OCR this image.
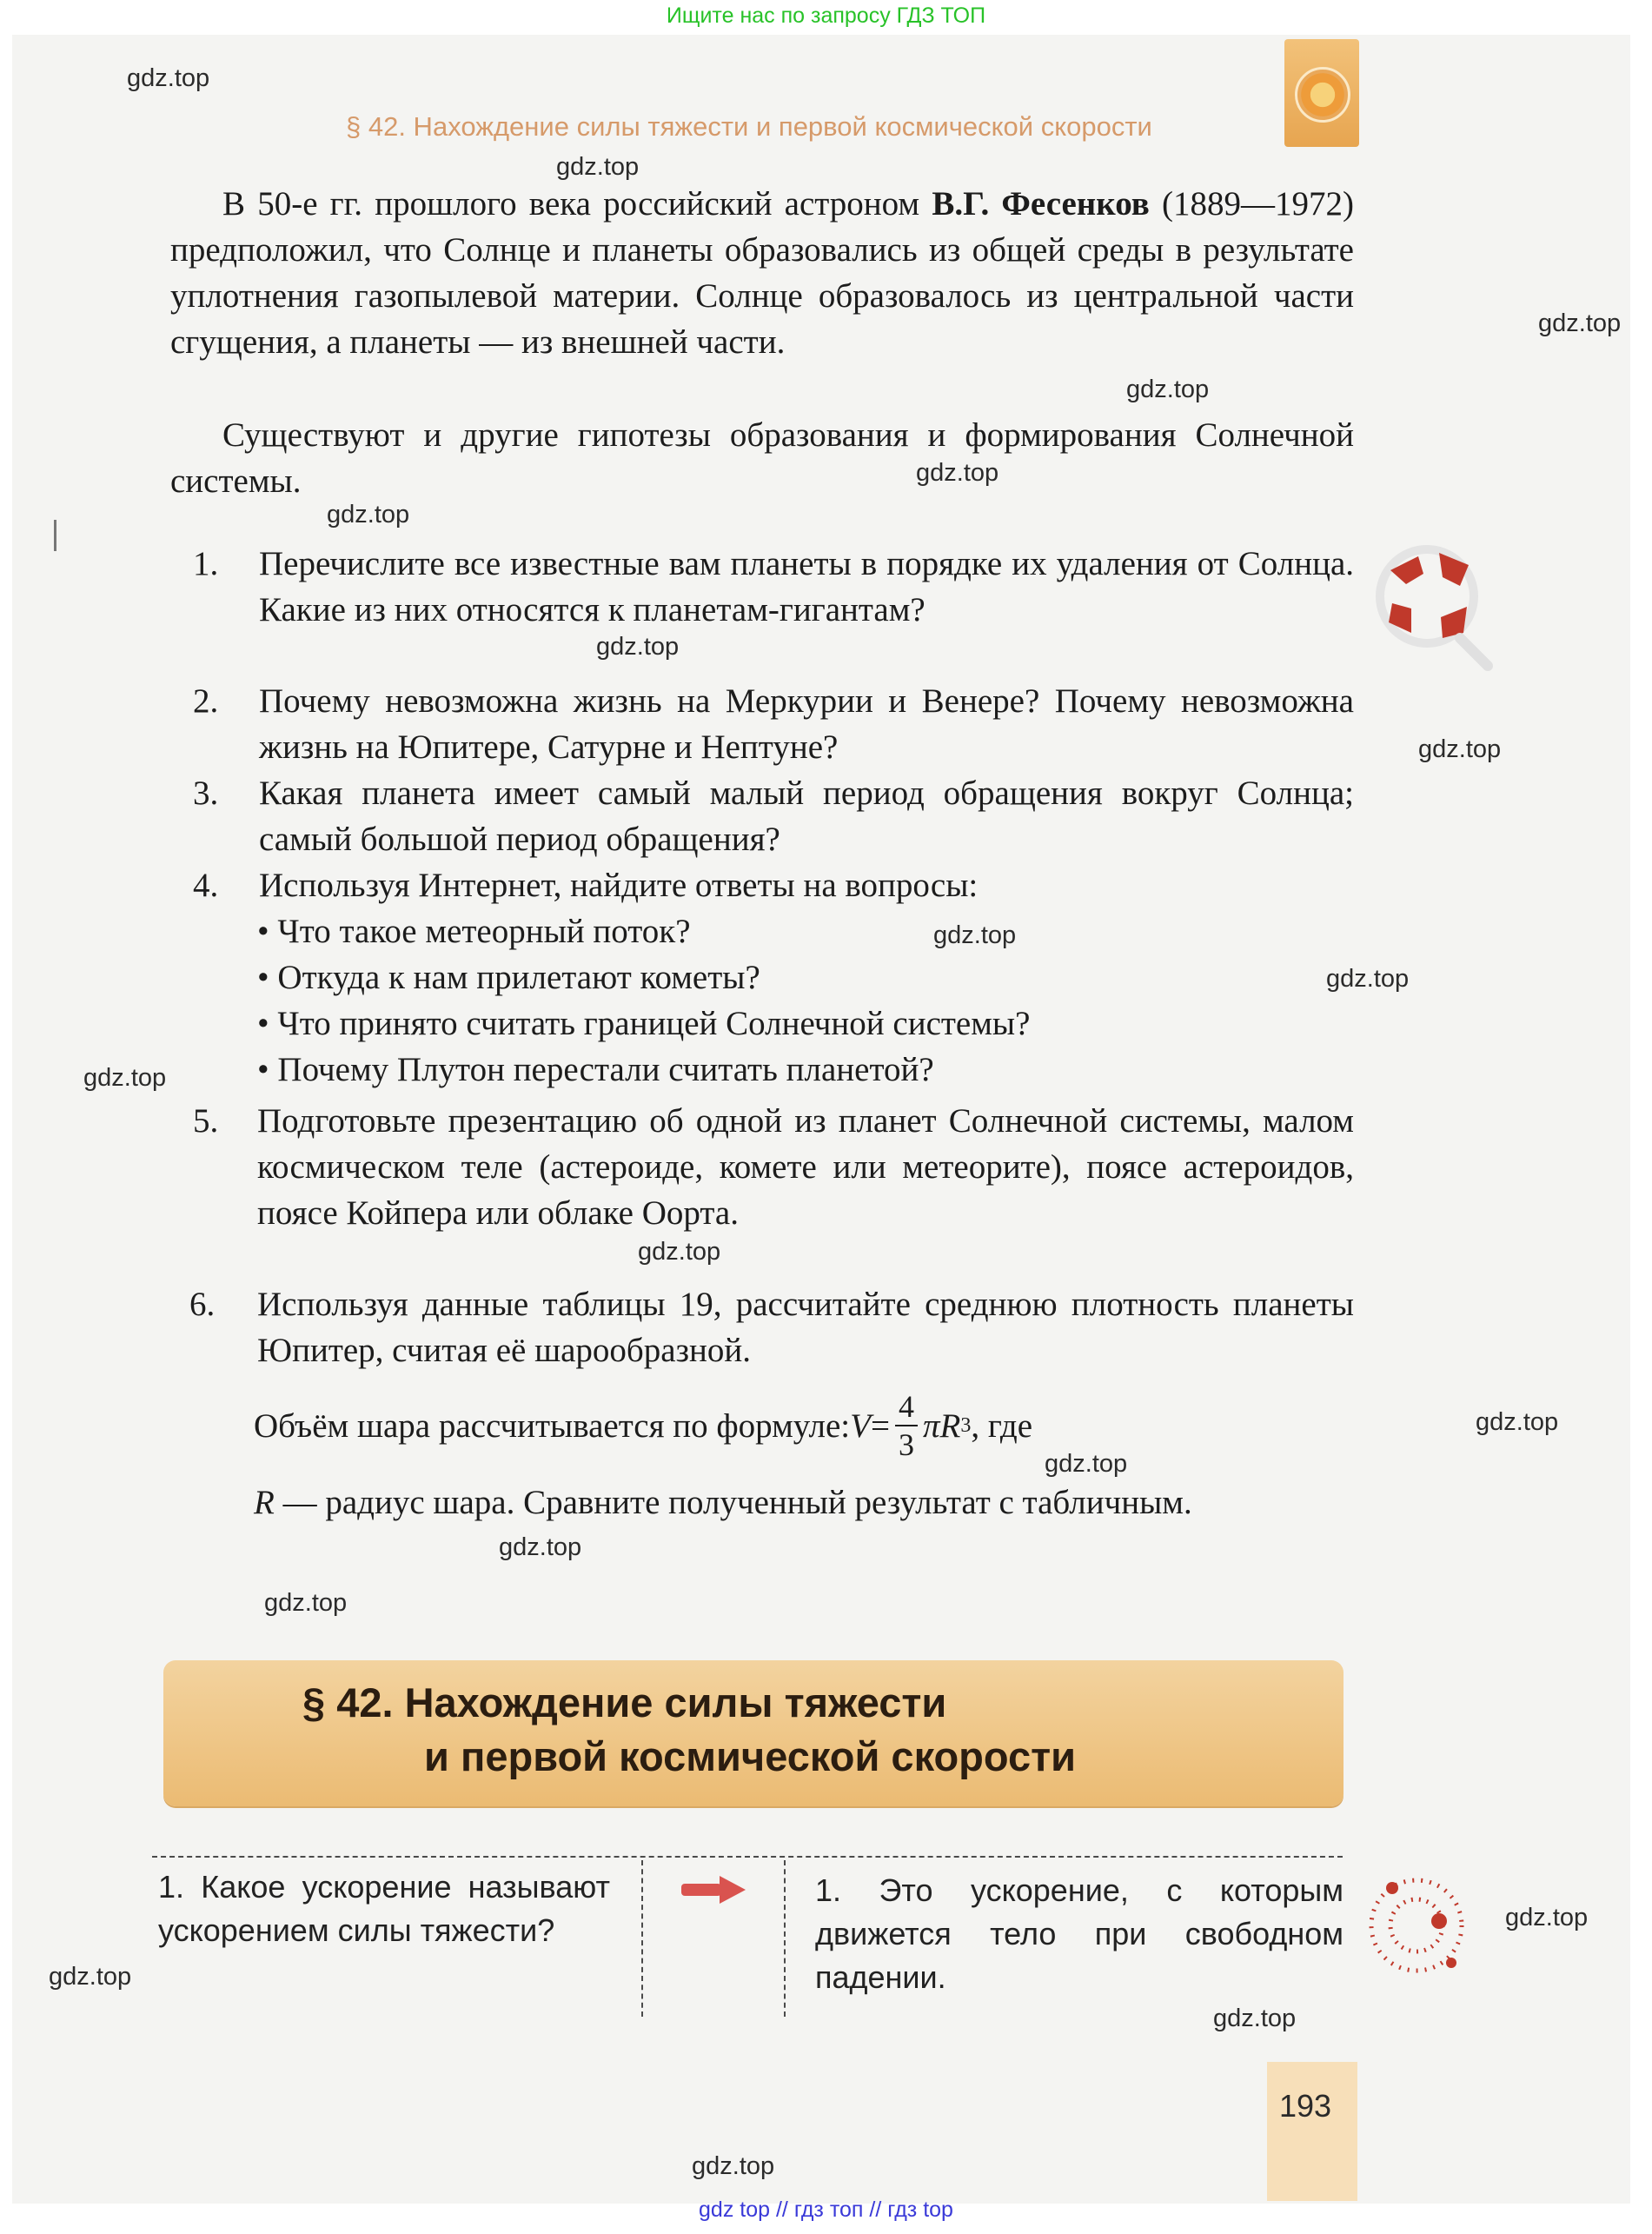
Ищите нас по запросу ГДЗ ТОП
§ 42. Нахождение силы тяжести и первой космической скорости
В 50-е гг. прошлого века российский астроном В.Г. Фесенков (1889—1972) предположил, что Солнце и планеты образовались из общей среды в результате уплотнения газопылевой материи. Солнце образовалось из центральной части сгущения, а планеты — из внешней части.
Существуют и другие гипотезы образования и формирования Солнечной системы.
1. Перечислите все известные вам планеты в порядке их удаления от Солнца. Какие из них относятся к планетам-гигантам?
2. Почему невозможна жизнь на Меркурии и Венере? Почему невозможна жизнь на Юпитере, Сатурне и Нептуне?
3. Какая планета имеет самый малый период обращения вокруг Солнца; самый большой период обращения?
4. Используя Интернет, найдите ответы на вопросы:
• Что такое метеорный поток?
• Откуда к нам прилетают кометы?
• Что принято считать границей Солнечной системы?
• Почему Плутон перестали считать планетой?
5. Подготовьте презентацию об одной из планет Солнечной системы, малом космическом теле (астероиде, комете или метеорите), поясе астероидов, поясе Койпера или облаке Оорта.
6. Используя данные таблицы 19, рассчитайте среднюю плотность планеты Юпитер, считая её шарообразной.
Объём шара рассчитывается по формуле: $V = \frac{4}{3}$ πR 3 , где
R — радиус шара. Сравните полученный результат с табличным.
§ 42. Нахождение силы тяжести
и первой космической скорости
1. Какое ускорение называют ускорением силы тяжести?
1. Это ускорение, с которым движется тело при свободном падении.
193
gdz.top
gdz.top
gdz.top
gdz.top
gdz.top
gdz.top
gdz.top
gdz.top
gdz.top
gdz.top
gdz.top
gdz.top
gdz.top
gdz.top
gdz.top
gdz.top
gdz.top
gdz.top
gdz.top
gdz.top
gdz top // гдз топ // гдз top
